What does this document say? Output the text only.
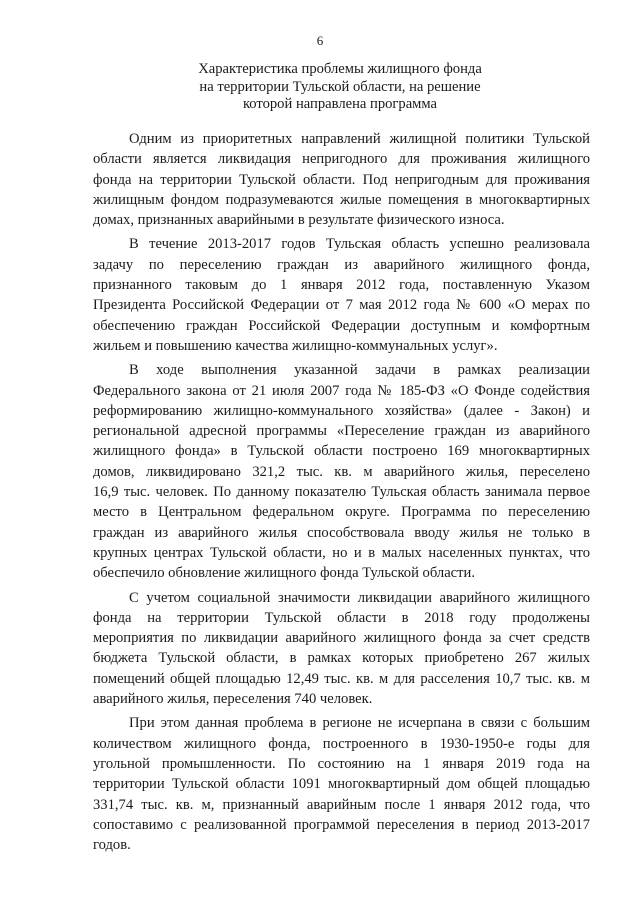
6
Характеристика проблемы жилищного фонда
на территории Тульской области, на решение
которой направлена программа
Одним из приоритетных направлений жилищной политики Тульской
области является ликвидация непригодного для проживания жилищного
фонда на территории Тульской области. Под непригодным для проживания
жилищным фондом подразумеваются жилые помещения в многоквартирных
домах, признанных аварийными в результате физического износа.
В течение 2013-2017 годов Тульская область успешно реализовала
задачу по переселению граждан из аварийного жилищного фонда,
признанного таковым до 1 января 2012 года, поставленную Указом
Президента Российской Федерации от 7 мая 2012 года № 600 «О мерах по
обеспечению граждан Российской Федерации доступным и комфортным
жильем и повышению качества жилищно-коммунальных услуг».
В ходе выполнения указанной задачи в рамках реализации
Федерального закона от 21 июля 2007 года № 185-ФЗ «О Фонде содействия
реформированию жилищно-коммунального хозяйства» (далее - Закон) и
региональной адресной программы «Переселение граждан из аварийного
жилищного фонда» в Тульской области построено 169 многоквартирных
домов, ликвидировано 321,2 тыс. кв. м аварийного жилья, переселено
16,9 тыс. человек. По данному показателю Тульская область занимала первое
место в Центральном федеральном округе. Программа по переселению
граждан из аварийного жилья способствовала вводу жилья не только в
крупных центрах Тульской области, но и в малых населенных пунктах, что
обеспечило обновление жилищного фонда Тульской области.
С учетом социальной значимости ликвидации аварийного жилищного
фонда на территории Тульской области в 2018 году продолжены
мероприятия по ликвидации аварийного жилищного фонда за счет средств
бюджета Тульской области, в рамках которых приобретено 267 жилых
помещений общей площадью 12,49 тыс. кв. м для расселения 10,7 тыс. кв. м
аварийного жилья, переселения 740 человек.
При этом данная проблема в регионе не исчерпана в связи с большим
количеством жилищного фонда, построенного в 1930-1950-е годы для
угольной промышленности. По состоянию на 1 января 2019 года на
территории Тульской области 1091 многоквартирный дом общей площадью
331,74 тыс. кв. м, признанный аварийным после 1 января 2012 года, что
сопоставимо с реализованной программой переселения в период 2013-2017
годов.
